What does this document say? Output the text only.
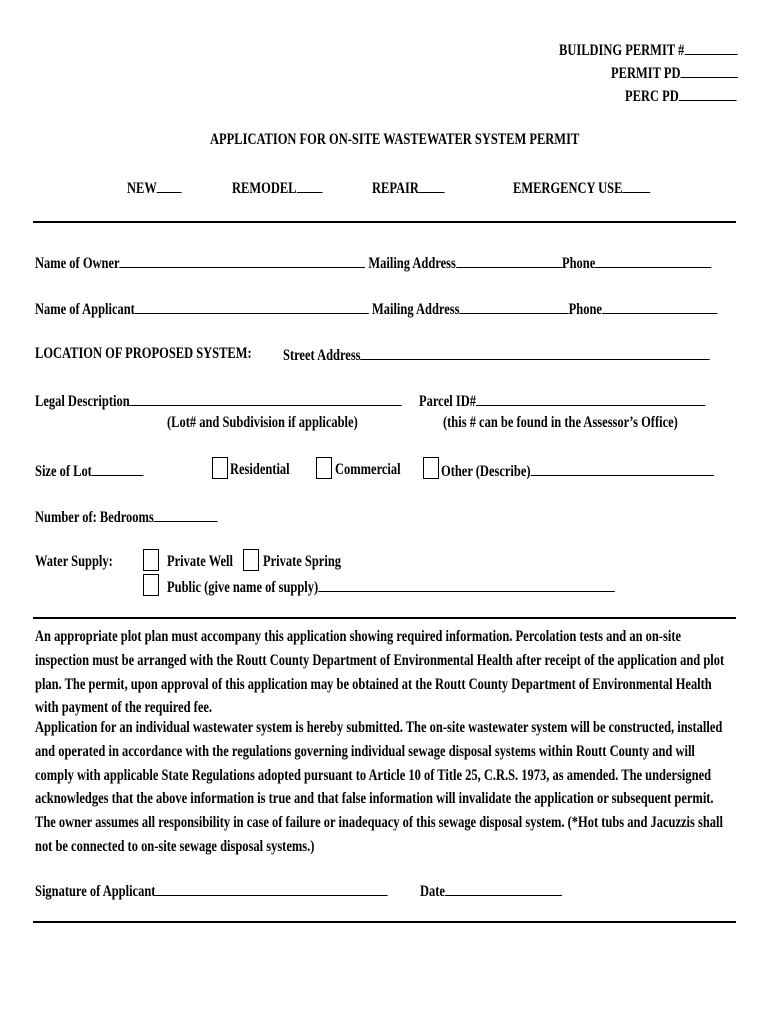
BUILDING PERMIT #
PERMIT PD
PERC PD
APPLICATION FOR ON-SITE WASTEWATER SYSTEM PERMIT
NEW	REMODEL	REPAIR	EMERGENCY USE
Name of Owner	Mailing Address	Phone
Name of Applicant	Mailing Address	Phone
LOCATION OF PROPOSED SYSTEM: Street Address
Legal Description
(Lot# and Subdivision if applicable)
Parcel ID#
(this # can be found in the Assessor’s Office)
Size of Lot	Residential	Commercial	Other (Describe)
Number of: Bedrooms
Water Supply:	Private Well Private Spring
Public (give name of supply)

An appropriate plot plan must accompany this application showing required information. Percolation tests and an on-site inspection must be arranged with the Routt County Department of Environmental Health after receipt of the application and plot plan. The permit, upon approval of this application may be obtained at the Routt County Department of Environmental Health with payment of the required fee.

Application for an individual wastewater system is hereby submitted. The on-site wastewater system will be constructed, installed and operated in accordance with the regulations governing individual sewage disposal systems within Routt County and will comply with applicable State Regulations adopted pursuant to Article 10 of Title 25, C.R.S. 1973, as amended. The undersigned acknowledges that the above information is true and that false information will invalidate the application or subsequent permit. The owner assumes all responsibility in case of failure or inadequacy of this sewage disposal system. (*Hot tubs and Jacuzzis shall not be connected to on-site sewage disposal systems.)

Signature of Applicant	Date
